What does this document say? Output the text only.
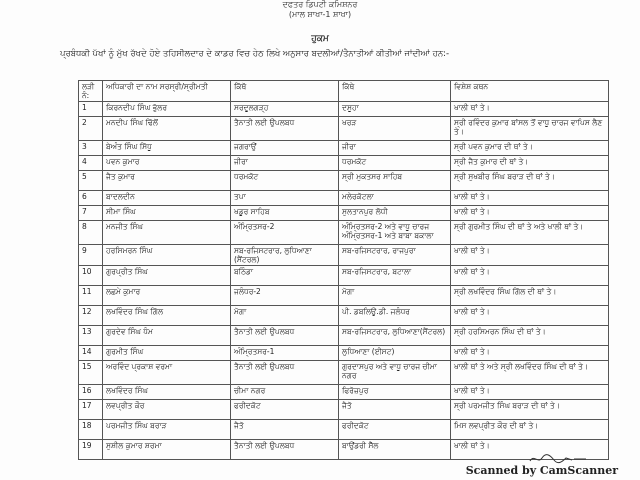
ਦਫਤਰ ਡਿਪਟੀ ਕਮਿਸ਼ਨਰ
(ਮਾਲ ਸ਼ਾਖਾ-1 ਸ਼ਾਖਾ)
ਹੁਕਮ
ਪ੍ਰਬੰਧਕੀ ਪੱਖਾਂ ਨੂੰ ਮੁੱਖ ਰੱਖਦੇ ਹੋਏ ਤਹਿਸੀਲਦਾਰ ਦੇ ਕਾਡਰ ਵਿਚ ਹੇਠ ਲਿਖੇ ਅਨੁਸਾਰ ਬਦਲੀਆਂ/ਤੈਨਾਤੀਆਂ ਕੀਤੀਆਂ ਜਾਂਦੀਆਂ ਹਨ:-
ਲੜੀ ਨੰ:	ਅਧਿਕਾਰੀ ਦਾ ਨਾਮ ਸਰਸ੍ਰੀ/ਸ੍ਰੀਮਤੀ	ਕਿੱਥੋ	ਕਿੱਥੇ	ਵਿਸ਼ੇਸ਼ ਕਥਨ
1	ਕਿਰਨਦੀਪ ਸਿੰਘ ਭੁੱਲਰ	ਸਰਦੂਲਗੜ੍ਹ	ਦਸੂਹਾ	ਖਾਲੀ ਥਾਂ ਤੇ।
2	ਮਨਦੀਪ ਸਿੰਘ ਢਿੱਲੋਂ	ਤੈਨਾਤੀ ਲਈ ਉਪਲਬਧ	ਖਰੜ	ਸ੍ਰੀ ਰਵਿੰਦਰ ਕੁਮਾਰ ਬਾਂਸਲ ਤੋਂ ਵਾਧੂ ਚਾਰਜ ਵਾਪਿਸ ਲੈਣ ਤੇ।
3	ਬੇਅੰਤ ਸਿੰਘ ਸਿੱਧੂ	ਜਗਰਾਉਂ	ਜੀਰਾ	ਸ੍ਰੀ ਪਵਨ ਕੁਮਾਰ ਦੀ ਥਾਂ ਤੇ।
4	ਪਵਨ ਕੁਮਾਰ	ਜੀਰਾ	ਧਰਮਕੋਟ	ਸ੍ਰੀ ਜੈਤ ਕੁਮਾਰ ਦੀ ਥਾਂ ਤੇ।
5	ਜੈਤ ਕੁਮਾਰ	ਧਰਮਕੋਟ	ਸ੍ਰੀ ਮੁਕਤਸਰ ਸਾਹਿਬ	ਸ੍ਰੀ ਸੁਖਬੀਰ ਸਿੰਘ ਬਰਾੜ ਦੀ ਥਾਂ ਤੇ।
6	ਬਾਦਲਦੀਨ	ਤਪਾ	ਮਲੇਰਕੋਟਲਾ	ਖਾਲੀ ਥਾਂ ਤੇ।
7	ਸੀਮਾ ਸਿੰਘ	ਖਡੂਰ ਸਾਹਿਬ	ਸੁਲਤਾਨਪੁਰ ਲੋਧੀ	ਖਾਲੀ ਥਾਂ ਤੇ।
8	ਮਨਜੀਤ ਸਿੰਘ	ਅੰਮ੍ਰਿਤਸਰ-2	ਅੰਮ੍ਰਿਤਸਰ-2 ਅਤੇ ਵਾਧੂ ਚਾਰਜ ਅੰਮ੍ਰਿਤਸਰ-1 ਅਤੇ ਬਾਬਾ ਬਕਾਲਾ	ਸ੍ਰੀ ਗੁਰਮੀਤ ਸਿੰਘ ਦੀ ਥਾਂ ਤੇ ਅਤੇ ਖਾਲੀ ਥਾਂ ਤੇ।
9	ਹਰਸਿਮਰਨ ਸਿੰਘ	ਸਬ-ਰਜਿਸਟਰਾਰ, ਲੁਧਿਆਣਾ (ਸੈਂਟਰਲ)	ਸਬ-ਰਜਿਸਟਰਾਰ, ਰਾਜਪੁਰਾ	ਖਾਲੀ ਥਾਂ ਤੇ।
10	ਗੁਰਪ੍ਰੀਤ ਸਿੰਘ	ਬਠਿੰਡਾ	ਸਬ-ਰਜਿਸਟਰਾਰ, ਬਟਾਲਾ	ਖਾਲੀ ਥਾਂ ਤੇ।
11	ਲਛਮੇ ਕੁਮਾਰ	ਜਲੰਧਰ-2	ਮੋਗਾ	ਸ੍ਰੀ ਲਖਵਿੰਦਰ ਸਿੰਘ ਗਿੱਲ ਦੀ ਥਾਂ ਤੇ।
12	ਲਖਵਿੰਦਰ ਸਿੰਘ ਗਿੱਲ	ਮੋਗਾ	ਪੀ. ਡਬਲਿਊ.ਡੀ. ਜਲੰਧਰ	ਖਾਲੀ ਥਾਂ ਤੇ।
13	ਗੁਰਦੇਵ ਸਿੰਘ ਧੰਮ	ਤੈਨਾਤੀ ਲਈ ਉਪਲਬਧ	ਸਬ-ਰਜਿਸਟਰਾਰ, ਲੁਧਿਆਣਾ(ਸੈਂਟਰਲ)	ਸ੍ਰੀ ਹਰਸਿਮਰਨ ਸਿੰਘ ਦੀ ਥਾਂ ਤੇ।
14	ਗੁਰਮੀਤ ਸਿੰਘ	ਅੰਮ੍ਰਿਤਸਰ-1	ਲੁਧਿਆਣਾ (ਈਸਟ)	ਖਾਲੀ ਥਾਂ ਤੇ।
15	ਅਰਵਿੰਦ ਪ੍ਰਕਾਸ਼ ਵਰਮਾ	ਤੈਨਾਤੀ ਲਈ ਉਪਲਬਧ	ਗੁਰਦਾਸਪੁਰ ਅਤੇ ਵਾਧੂ ਚਾਰਜ ਚੀਮਾ ਨਗਰ	ਖਾਲੀ ਥਾਂ ਤੇ ਅਤੇ ਸ੍ਰੀ ਲਖਵਿੰਦਰ ਸਿੰਘ ਦੀ ਥਾਂ ਤੇ।
16	ਲਖਵਿੰਦਰ ਸਿੰਘ	ਚੀਮਾ ਨਗਰ	ਫਿਰੋਜ਼ਪੁਰ	ਖਾਲੀ ਥਾਂ ਤੇ।
17	ਲਵਪ੍ਰੀਤ ਕੌਰ	ਫਰੀਦਕੋਟ	ਜੈਤੋ	ਸ੍ਰੀ ਪਰਮਜੀਤ ਸਿੰਘ ਬਰਾੜ ਦੀ ਥਾਂ ਤੇ।
18	ਪਰਮਜੀਤ ਸਿੰਘ ਬਰਾੜ	ਜੈਤੋ	ਫਰੀਦਕੋਟ	ਮਿਸ ਲਵਪ੍ਰੀਤ ਕੌਰ ਦੀ ਥਾਂ ਤੇ।
19	ਸੁਸ਼ੀਲ ਕੁਮਾਰ ਸ਼ਰਮਾ	ਤੈਨਾਤੀ ਲਈ ਉਪਲਬਧ	ਬਾਉਂਡਰੀ ਸੈੱਲ	ਖਾਲੀ ਥਾਂ ਤੇ।
Scanned by CamScanner
